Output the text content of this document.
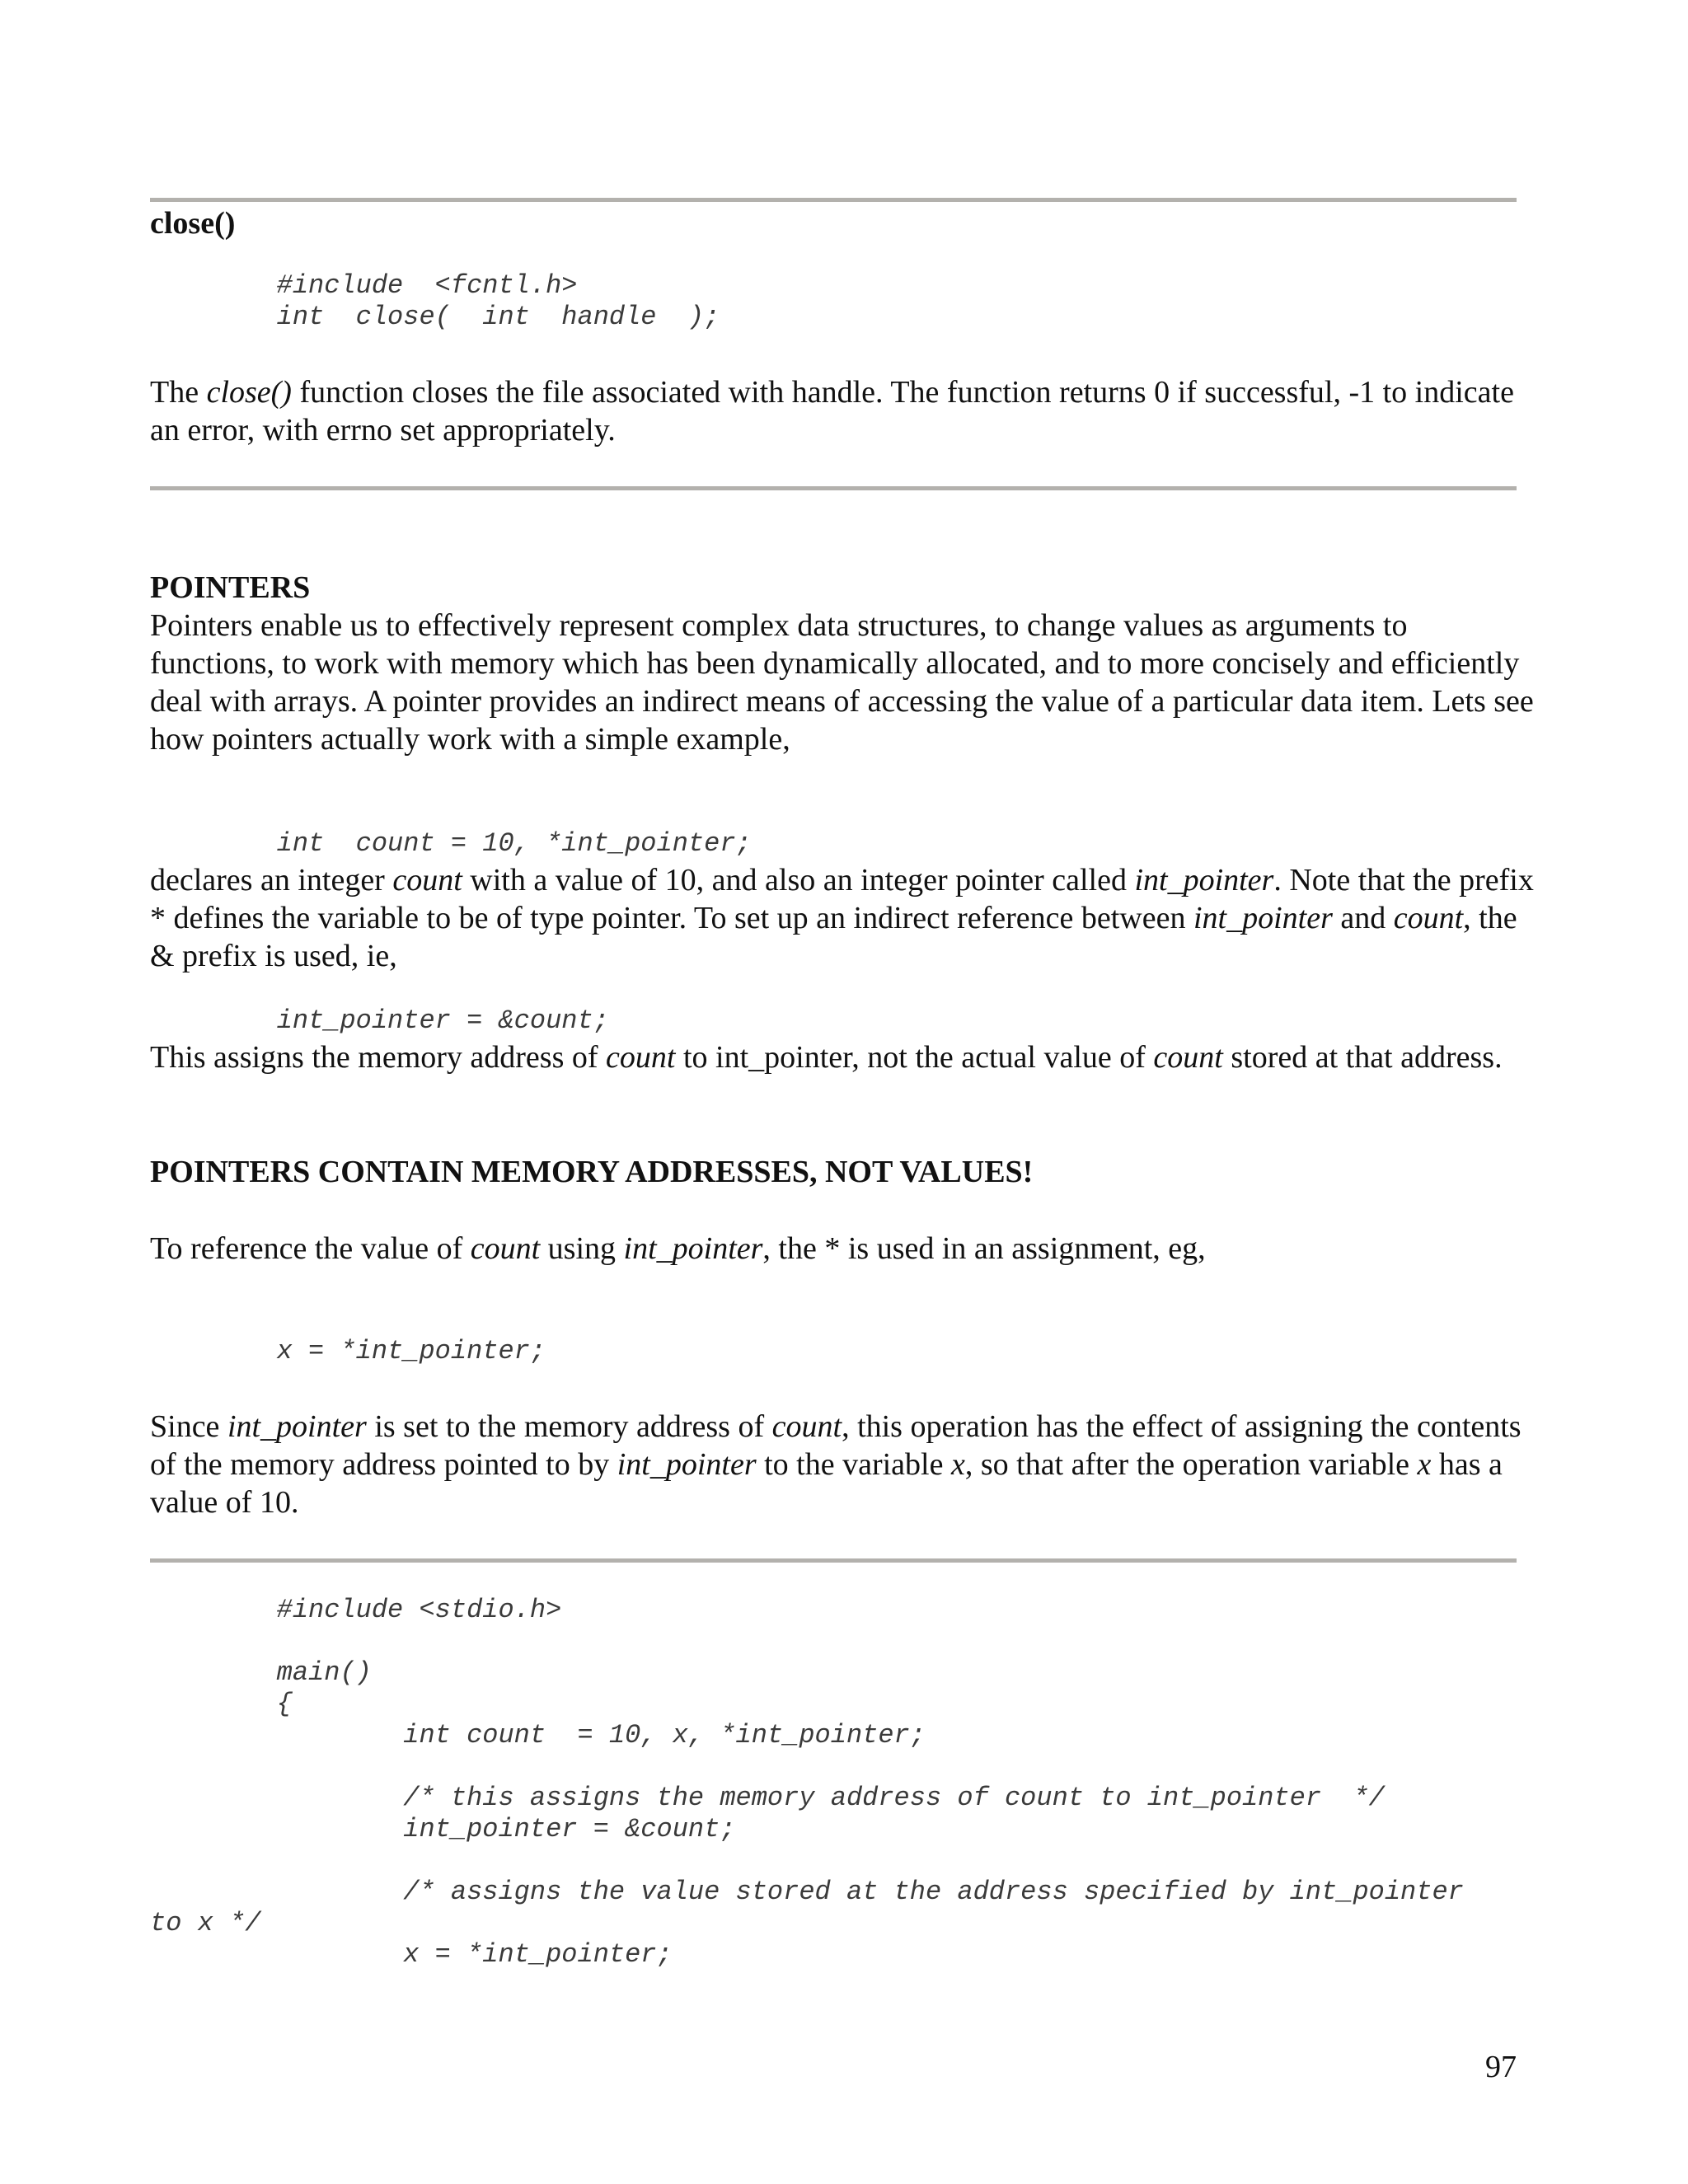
close()
#include  <fcntl.h>
int  close(  int  handle  );

The close() function closes the file associated with handle. The function returns 0 if successful, -1 to indicate an error, with errno set appropriately.

POINTERS

Pointers enable us to effectively represent complex data structures, to change values as arguments to functions, to work with memory which has been dynamically allocated, and to more concisely and efficiently deal with arrays. A pointer provides an indirect means of accessing the value of a particular data item. Lets see how pointers actually work with a simple example,

int  count = 10, *int_pointer;

declares an integer count with a value of 10, and also an integer pointer called int_pointer. Note that the prefix * defines the variable to be of type pointer. To set up an indirect reference between int_pointer and count, the & prefix is used, ie,

int_pointer = &count;

This assigns the memory address of count to int_pointer, not the actual value of count stored at that address.

POINTERS CONTAIN MEMORY ADDRESSES, NOT VALUES!

To reference the value of count using int_pointer, the * is used in an assignment, eg,

x = *int_pointer;

Since int_pointer is set to the memory address of count, this operation has the effect of assigning the contents of the memory address pointed to by int_pointer to the variable x, so that after the operation variable x has a value of 10.

#include <stdio.h>

main()
{
int count  = 10, x, *int_pointer;

/* this assigns the memory address of count to int_pointer  */
int_pointer = &count;

/* assigns the value stored at the address specified by int_pointer
to x */
x = *int_pointer;

97
